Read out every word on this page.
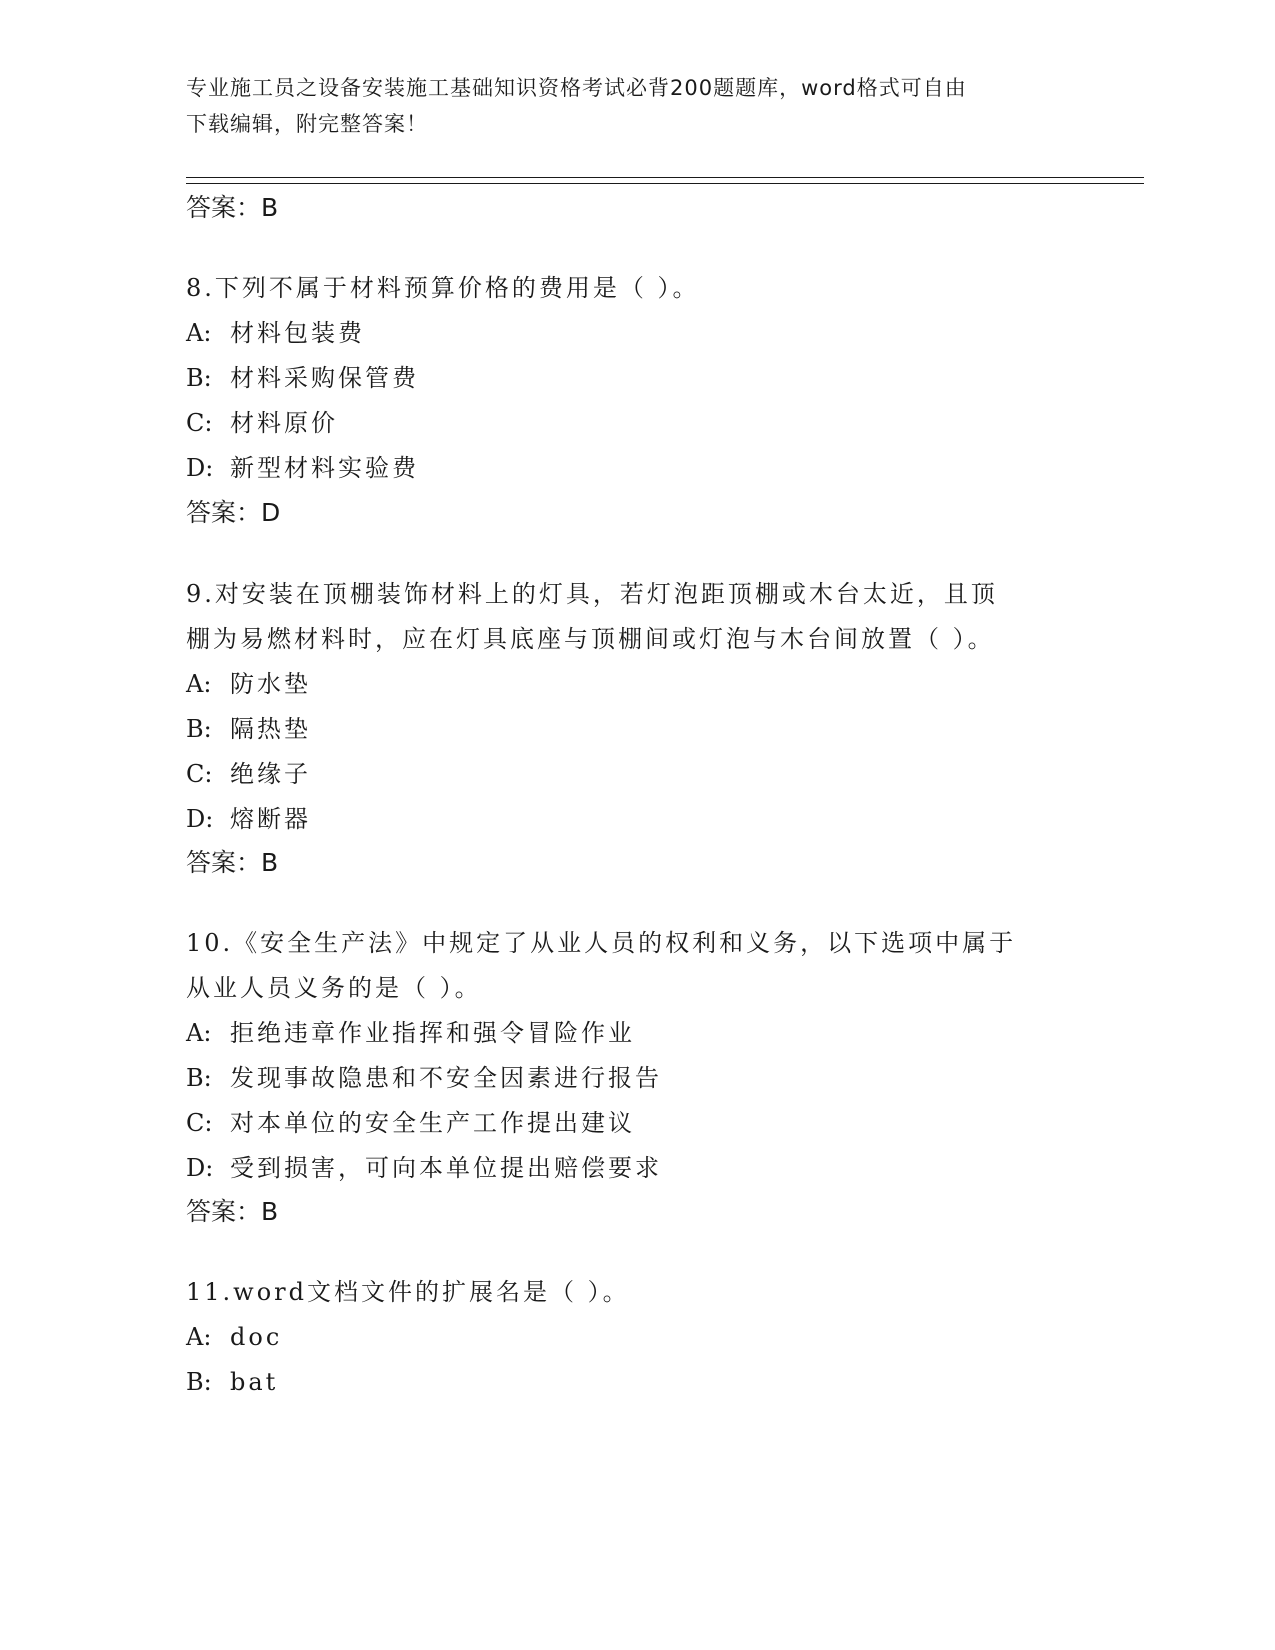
专业施工员之设备安装施工基础知识资格考试必背200题题库，word格式可自由
下载编辑，附完整答案！
答案：B
8.下列不属于材料预算价格的费用是（ ）。
A: 材料包装费
B: 材料采购保管费
C: 材料原价
D: 新型材料实验费
答案：D
9.对安装在顶棚装饰材料上的灯具，若灯泡距顶棚或木台太近，且顶
棚为易燃材料时，应在灯具底座与顶棚间或灯泡与木台间放置（ ）。
A: 防水垫
B: 隔热垫
C: 绝缘子
D: 熔断器
答案：B
10.《安全生产法》中规定了从业人员的权利和义务，以下选项中属于
从业人员义务的是（ ）。
A: 拒绝违章作业指挥和强令冒险作业
B: 发现事故隐患和不安全因素进行报告
C: 对本单位的安全生产工作提出建议
D: 受到损害，可向本单位提出赔偿要求
答案：B
11.word文档文件的扩展名是（ ）。
A: doc
B: bat
